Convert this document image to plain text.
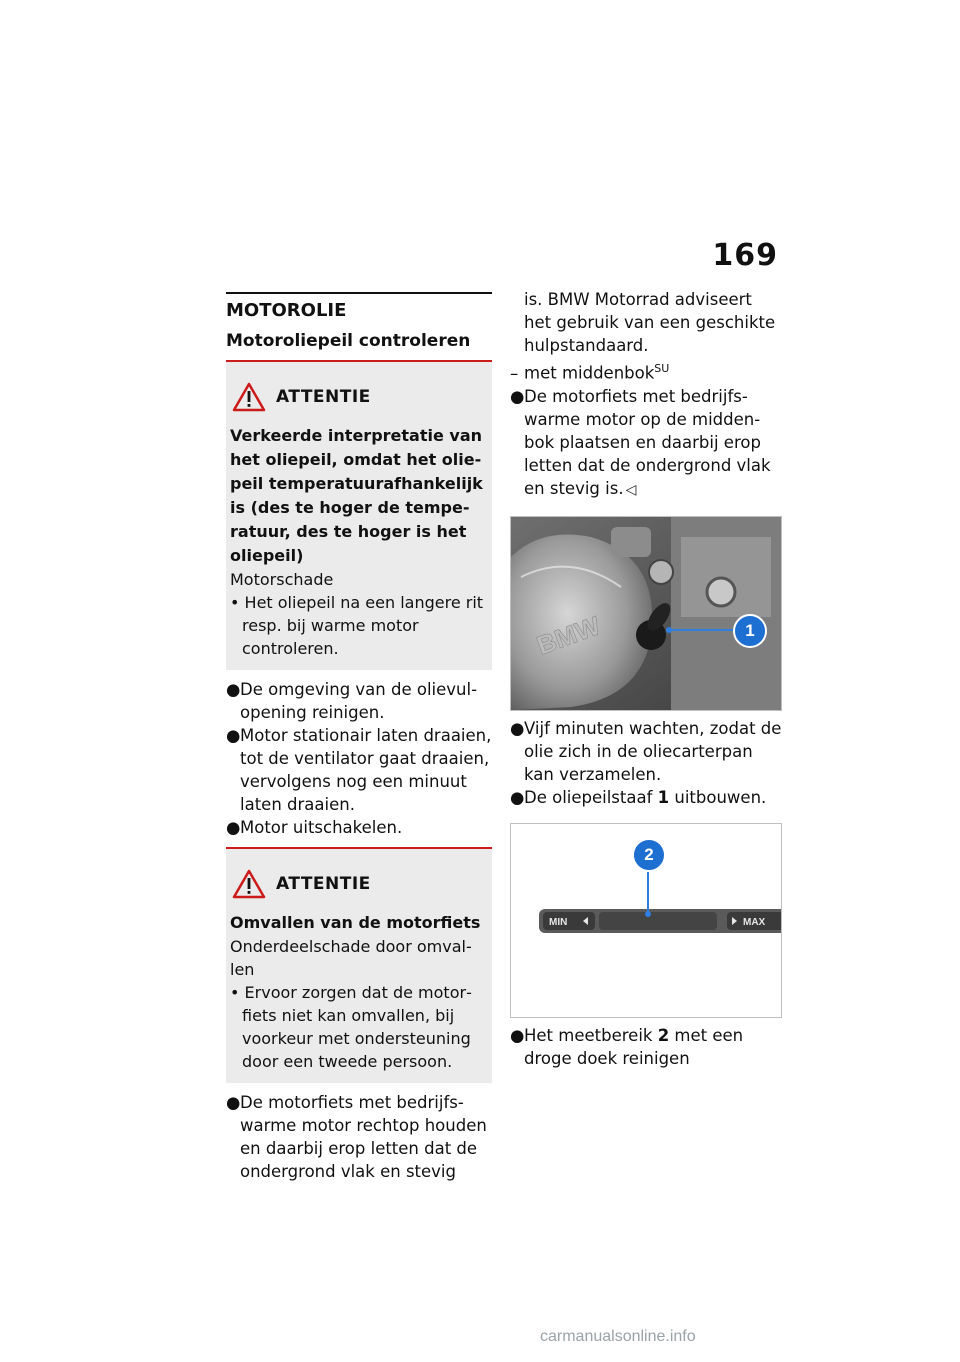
169
MOTOROLIE
Motoroliepeil controleren
ATTENTIE
Verkeerde interpretatie van het oliepeil, omdat het oliepeil temperatuurafhankelijk is (des te hoger de temperatuur, des te hoger is het oliepeil)
Motorschade
• Het oliepeil na een langere rit resp. bij warme motor controleren.
●De omgeving van de olievulopening reinigen.
●Motor stationair laten draaien, tot de ventilator gaat draaien, vervolgens nog een minuut laten draaien.
●Motor uitschakelen.
ATTENTIE
Omvallen van de motorfiets
Onderdeelschade door omvallen
• Ervoor zorgen dat de motorfiets niet kan omvallen, bij voorkeur met ondersteuning door een tweede persoon.
●De motorfiets met bedrijfswarme motor rechtop houden en daarbij erop letten dat de ondergrond vlak en stevig
is. BMW Motorrad adviseert het gebruik van een geschikte hulpstandaard.
– met middenbok$^{SU}$
●De motorfiets met bedrijfswarme motor op de middenbok plaatsen en daarbij erop letten dat de ondergrond vlak en stevig is. ◁
BMW	1
●Vijf minuten wachten, zodat de olie zich in de oliecarterpan kan verzamelen.
●De oliepeilstaaf 1 uitbouwen.
MIN	MAX
2
●Het meetbereik 2 met een droge doek reinigen
carmanualsonline.info
